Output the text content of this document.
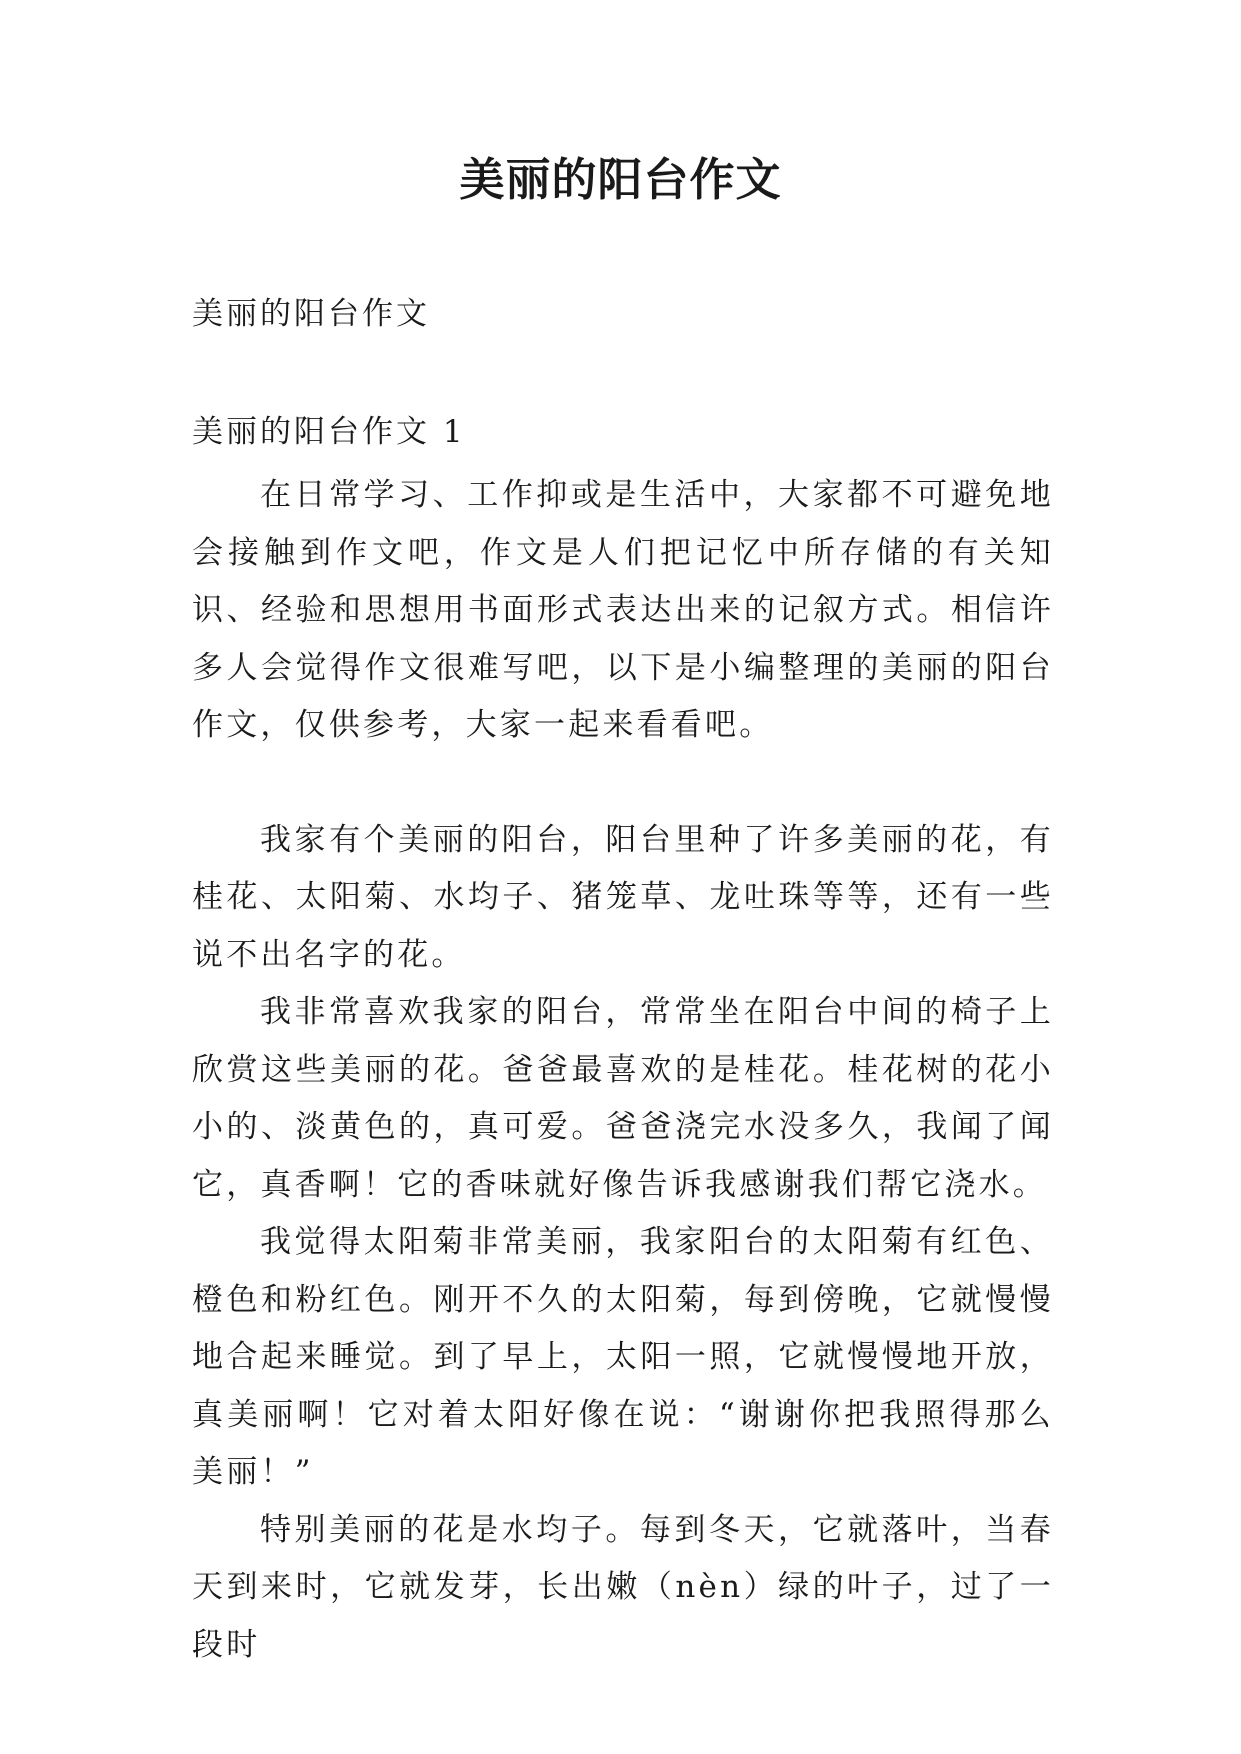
美丽的阳台作文

美丽的阳台作文

美丽的阳台作文 1

在日常学习、工作抑或是生活中，大家都不可避免地会接触到作文吧，作文是人们把记忆中所存储的有关知识、经验和思想用书面形式表达出来的记叙方式。相信许多人会觉得作文很难写吧，以下是小编整理的美丽的阳台作文，仅供参考，大家一起来看看吧。

我家有个美丽的阳台，阳台里种了许多美丽的花，有桂花、太阳菊、水均子、猪笼草、龙吐珠等等，还有一些说不出名字的花。

我非常喜欢我家的阳台，常常坐在阳台中间的椅子上欣赏这些美丽的花。爸爸最喜欢的是桂花。桂花树的花小小的、淡黄色的，真可爱。爸爸浇完水没多久，我闻了闻它，真香啊！它的香味就好像告诉我感谢我们帮它浇水。

我觉得太阳菊非常美丽，我家阳台的太阳菊有红色、橙色和粉红色。刚开不久的太阳菊，每到傍晚，它就慢慢地合起来睡觉。到了早上，太阳一照，它就慢慢地开放，真美丽啊！它对着太阳好像在说：“谢谢你把我照得那么美丽！”

特别美丽的花是水均子。每到冬天，它就落叶，当春天到来时，它就发芽，长出嫩（nèn）绿的叶子，过了一段时
